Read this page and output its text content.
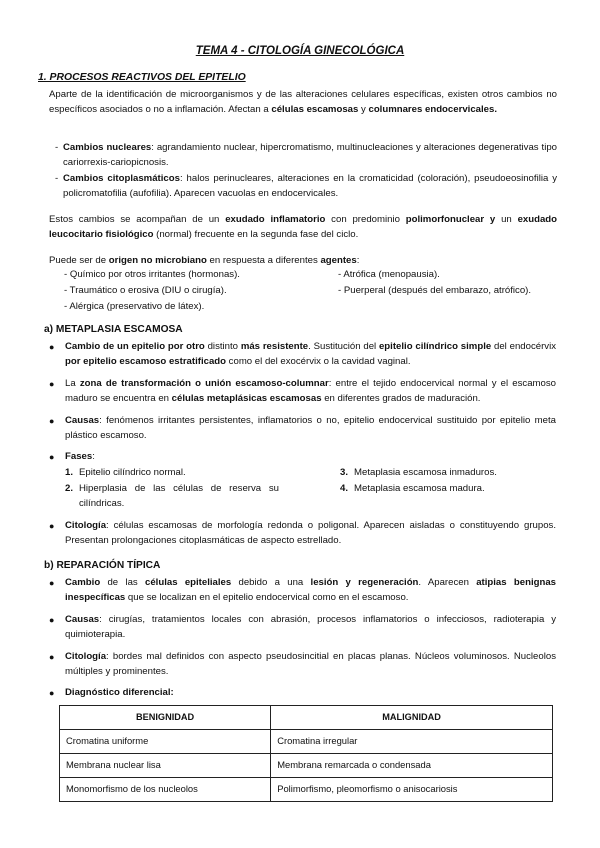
TEMA 4 - CITOLOGÍA GINECOLÓGICA
1. PROCESOS REACTIVOS DEL EPITELIO
Aparte de la identificación de microorganismos y de las alteraciones celulares específicas, existen otros cambios no específicos asociados o no a inflamación. Afectan a células escamosas y columnares endocervicales.
- Cambios nucleares: agrandamiento nuclear, hipercromatismo, multinucleaciones y alteraciones degenerativas tipo cariorrexis-cariopicnosis.
- Cambios citoplasmáticos: halos perinucleares, alteraciones en la cromaticidad (coloración), pseudoeosinofilia y policromatofilia (aufofilia). Aparecen vacuolas en endocervicales.
Estos cambios se acompañan de un exudado inflamatorio con predominio polimorfonuclear y un exudado leucocitario fisiológico (normal) frecuente en la segunda fase del ciclo.
Puede ser de origen no microbiano en respuesta a diferentes agentes:
- Químico por otros irritantes (hormonas).
- Traumático o erosiva (DIU o cirugía).
- Alérgica (preservativo de látex).
- Atrófica (menopausia).
- Puerperal (después del embarazo, atrófico).
a) METAPLASIA ESCAMOSA
● Cambio de un epitelio por otro distinto más resistente. Sustitución del epitelio cilíndrico simple del endocérvix por epitelio escamoso estratificado como el del exocérvix o la cavidad vaginal.
● La zona de transformación o unión escamoso-columnar: entre el tejido endocervical normal y el escamoso maduro se encuentra en células metaplásicas escamosas en diferentes grados de maduración.
● Causas: fenómenos irritantes persistentes, inflamatorios o no, epitelio endocervical sustituido por epitelio meta plástico escamoso.
● Fases:
1. Epitelio cilíndrico normal.
2. Hiperplasia de las células de reserva su cilíndricas.
3. Metaplasia escamosa inmaduros.
4. Metaplasia escamosa madura.
● Citología: células escamosas de morfología redonda o poligonal. Aparecen aisladas o constituyendo grupos. Presentan prolongaciones citoplasmáticas de aspecto estrellado.
b) REPARACIÓN TÍPICA
● Cambio de las células epiteliales debido a una lesión y regeneración. Aparecen atipias benignas inespecíficas que se localizan en el epitelio endocervical como en el escamoso.
● Causas: cirugías, tratamientos locales con abrasión, procesos inflamatorios o infecciosos, radioterapia y quimioterapia.
● Citología: bordes mal definidos con aspecto pseudosincitial en placas planas. Núcleos voluminosos. Nucleolos múltiples y prominentes.
● Diagnóstico diferencial:
BENIGNIDAD	MALIGNIDAD
Cromatina uniforme	Cromatina irregular
Membrana nuclear lisa	Membrana remarcada o condensada
Monomorfismo de los nucleolos	Polimorfismo, pleomorfismo o anisocariosis
